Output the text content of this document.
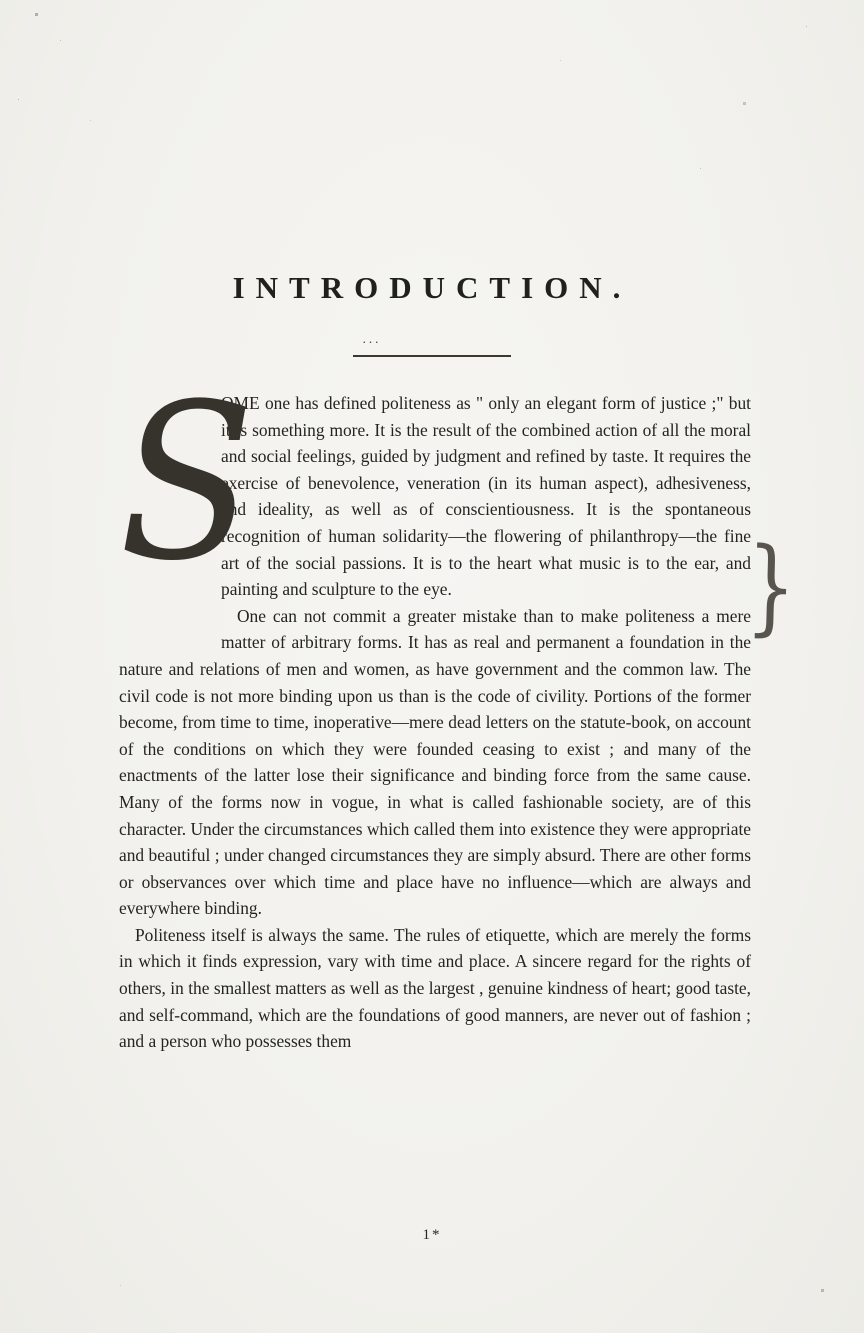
INTRODUCTION.
...

S
OME one has defined politeness as " only an elegant form of justice ;" but it is something more. It is the result of the combined action of all the moral and social feelings, guided by judgment and refined by taste. It requires the exercise of benevolence, veneration (in its human aspect), adhesiveness, and ideality, as well as of conscientiousness. It is the spontaneous recognition of human solidarity—the flowering of philanthropy—the fine art of the social passions. It is to the heart what music is to the ear, and painting and sculpture to the eye.

One can not commit a greater mistake than to make politeness a mere matter of arbitrary forms. It has as real and permanent a foundation in the nature and relations of men and women, as have government and the common law. The civil code is not more binding upon us than is the code of civility. Portions of the former become, from time to time, inoperative—mere dead letters on the statute-book, on account of the conditions on which they were founded ceasing to exist ; and many of the enactments of the latter lose their significance and binding force from the same cause. Many of the forms now in vogue, in what is called fashionable society, are of this character. Under the circumstances which called them into existence they were appropriate and beautiful ; under changed circumstances they are simply absurd. There are other forms or observances over which time and place have no influence—which are always and everywhere binding.

Politeness itself is always the same. The rules of etiquette, which are merely the forms in which it finds expression, vary with time and place. A sincere regard for the rights of others, in the smallest matters as well as the largest , genuine kindness of heart; good taste, and self-command, which are the foundations of good manners, are never out of fashion ; and a person who possesses them

}
1*
